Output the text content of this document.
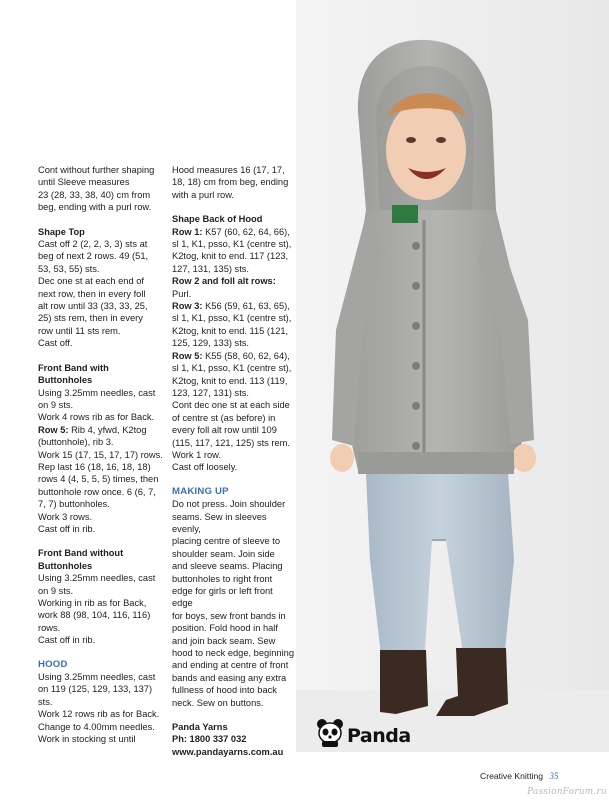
Cont without further shaping

until Sleeve measures

23 (28, 33, 38, 40) cm from

beg, ending with a purl row.

Shape Top

Cast off 2 (2, 2, 3, 3) sts at

beg of next 2 rows. 49 (51,

53, 53, 55) sts.

Dec one st at each end of

next row, then in every foll

alt row until 33 (33, 33, 25,

25) sts rem, then in every

row until 11 sts rem.

Cast off.

Front Band with
Buttonholes

Using 3.25mm needles, cast

on 9 sts.

Work 4 rows rib as for Back.

Row 5: Rib 4, yfwd, K2tog

(buttonhole), rib 3.

Work 15 (17, 15, 17, 17) rows.

Rep last 16 (18, 16, 18, 18)

rows 4 (4, 5, 5, 5) times, then

buttonhole row once. 6 (6, 7,

7, 7) buttonholes.

Work 3 rows.

Cast off in rib.

Front Band without
Buttonholes

Using 3.25mm needles, cast

on 9 sts.

Working in rib as for Back,

work 88 (98, 104, 116, 116)

rows.

Cast off in rib.

HOOD

Using 3.25mm needles, cast

on 119 (125, 129, 133, 137) sts.

Work 12 rows rib as for Back.

Change to 4.00mm needles.

Work in stocking st until

Hood measures 16 (17, 17,

18, 18) cm from beg, ending

with a purl row.

Shape Back of Hood

Row 1: K57 (60, 62, 64, 66),

sl 1, K1, psso, K1 (centre st),

K2tog, knit to end. 117 (123,

127, 131, 135) sts.

Row 2 and foll alt rows:

Purl.

Row 3: K56 (59, 61, 63, 65),

sl 1, K1, psso, K1 (centre st),

K2tog, knit to end. 115 (121,

125, 129, 133) sts.

Row 5: K55 (58, 60, 62, 64),

sl 1, K1, psso, K1 (centre st),

K2tog, knit to end. 113 (119,

123, 127, 131) sts.

Cont dec one st at each side

of centre st (as before) in

every foll alt row until 109

(115, 117, 121, 125) sts rem.

Work 1 row.

Cast off loosely.

MAKING UP

Do not press. Join shoulder

seams. Sew in sleeves evenly,

placing centre of sleeve to

shoulder seam. Join side

and sleeve seams. Placing

buttonholes to right front

edge for girls or left front edge

for boys, sew front bands in

position. Fold hood in half

and join back seam. Sew

hood to neck edge, beginning

and ending at centre of front

bands and easing any extra

fullness of hood into back

neck. Sew on buttons.

Panda Yarns

Ph: 1800 337 032

www.pandayarns.com.au

Panda
Creative Knitting 35
PassionForum.ru
